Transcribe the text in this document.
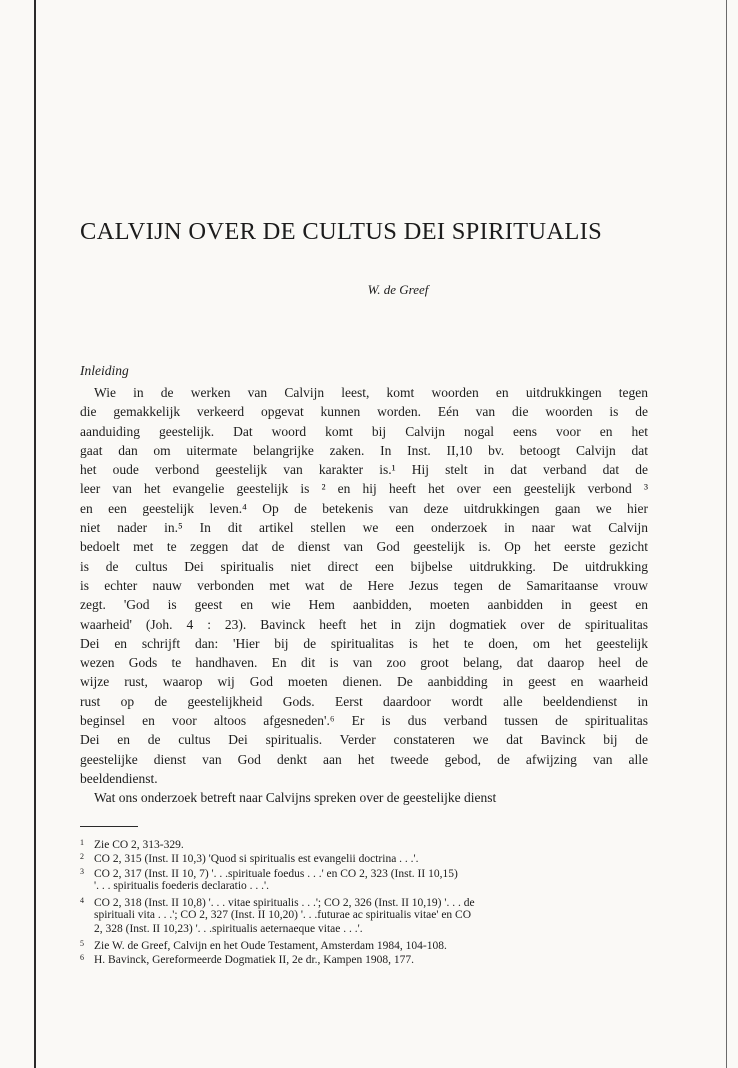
CALVIJN OVER DE CULTUS DEI SPIRITUALIS
W. de Greef
Inleiding
Wie in de werken van Calvijn leest, komt woorden en uitdrukkingen tegen
die gemakkelijk verkeerd opgevat kunnen worden. Eén van die woorden is de
aanduiding geestelijk. Dat woord komt bij Calvijn nogal eens voor en het
gaat dan om uitermate belangrijke zaken. In Inst. II,10 bv. betoogt Calvijn dat
het oude verbond geestelijk van karakter is.¹ Hij stelt in dat verband dat de
leer van het evangelie geestelijk is ² en hij heeft het over een geestelijk verbond ³
en een geestelijk leven.⁴ Op de betekenis van deze uitdrukkingen gaan we hier
niet nader in.⁵ In dit artikel stellen we een onderzoek in naar wat Calvijn
bedoelt met te zeggen dat de dienst van God geestelijk is. Op het eerste gezicht
is de cultus Dei spiritualis niet direct een bijbelse uitdrukking. De uitdrukking
is echter nauw verbonden met wat de Here Jezus tegen de Samaritaanse vrouw
zegt. 'God is geest en wie Hem aanbidden, moeten aanbidden in geest en
waarheid' (Joh. 4 : 23). Bavinck heeft het in zijn dogmatiek over de spiritualitas
Dei en schrijft dan: 'Hier bij de spiritualitas is het te doen, om het geestelijk
wezen Gods te handhaven. En dit is van zoo groot belang, dat daarop heel de
wijze rust, waarop wij God moeten dienen. De aanbidding in geest en waarheid
rust op de geestelijkheid Gods. Eerst daardoor wordt alle beeldendienst in
beginsel en voor altoos afgesneden'.⁶ Er is dus verband tussen de spiritualitas
Dei en de cultus Dei spiritualis. Verder constateren we dat Bavinck bij de
geestelijke dienst van God denkt aan het tweede gebod, de afwijzing van alle
beeldendienst.
Wat ons onderzoek betreft naar Calvijns spreken over de geestelijke dienst
1 Zie CO 2, 313-329.
2 CO 2, 315 (Inst. II 10,3) 'Quod si spiritualis est evangelii doctrina . . .'.
3 CO 2, 317 (Inst. II 10, 7) '. . .spirituale foedus . . .' en CO 2, 323 (Inst. II 10,15)
'. . . spiritualis foederis declaratio . . .'.
4 CO 2, 318 (Inst. II 10,8) '. . . vitae spiritualis . . .'; CO 2, 326 (Inst. II 10,19) '. . . de
spirituali vita . . .'; CO 2, 327 (Inst. II 10,20) '. . .futurae ac spiritualis vitae' en CO
2, 328 (Inst. II 10,23) '. . .spiritualis aeternaeque vitae . . .'.
5 Zie W. de Greef, Calvijn en het Oude Testament, Amsterdam 1984, 104-108.
6 H. Bavinck, Gereformeerde Dogmatiek II, 2e dr., Kampen 1908, 177.
